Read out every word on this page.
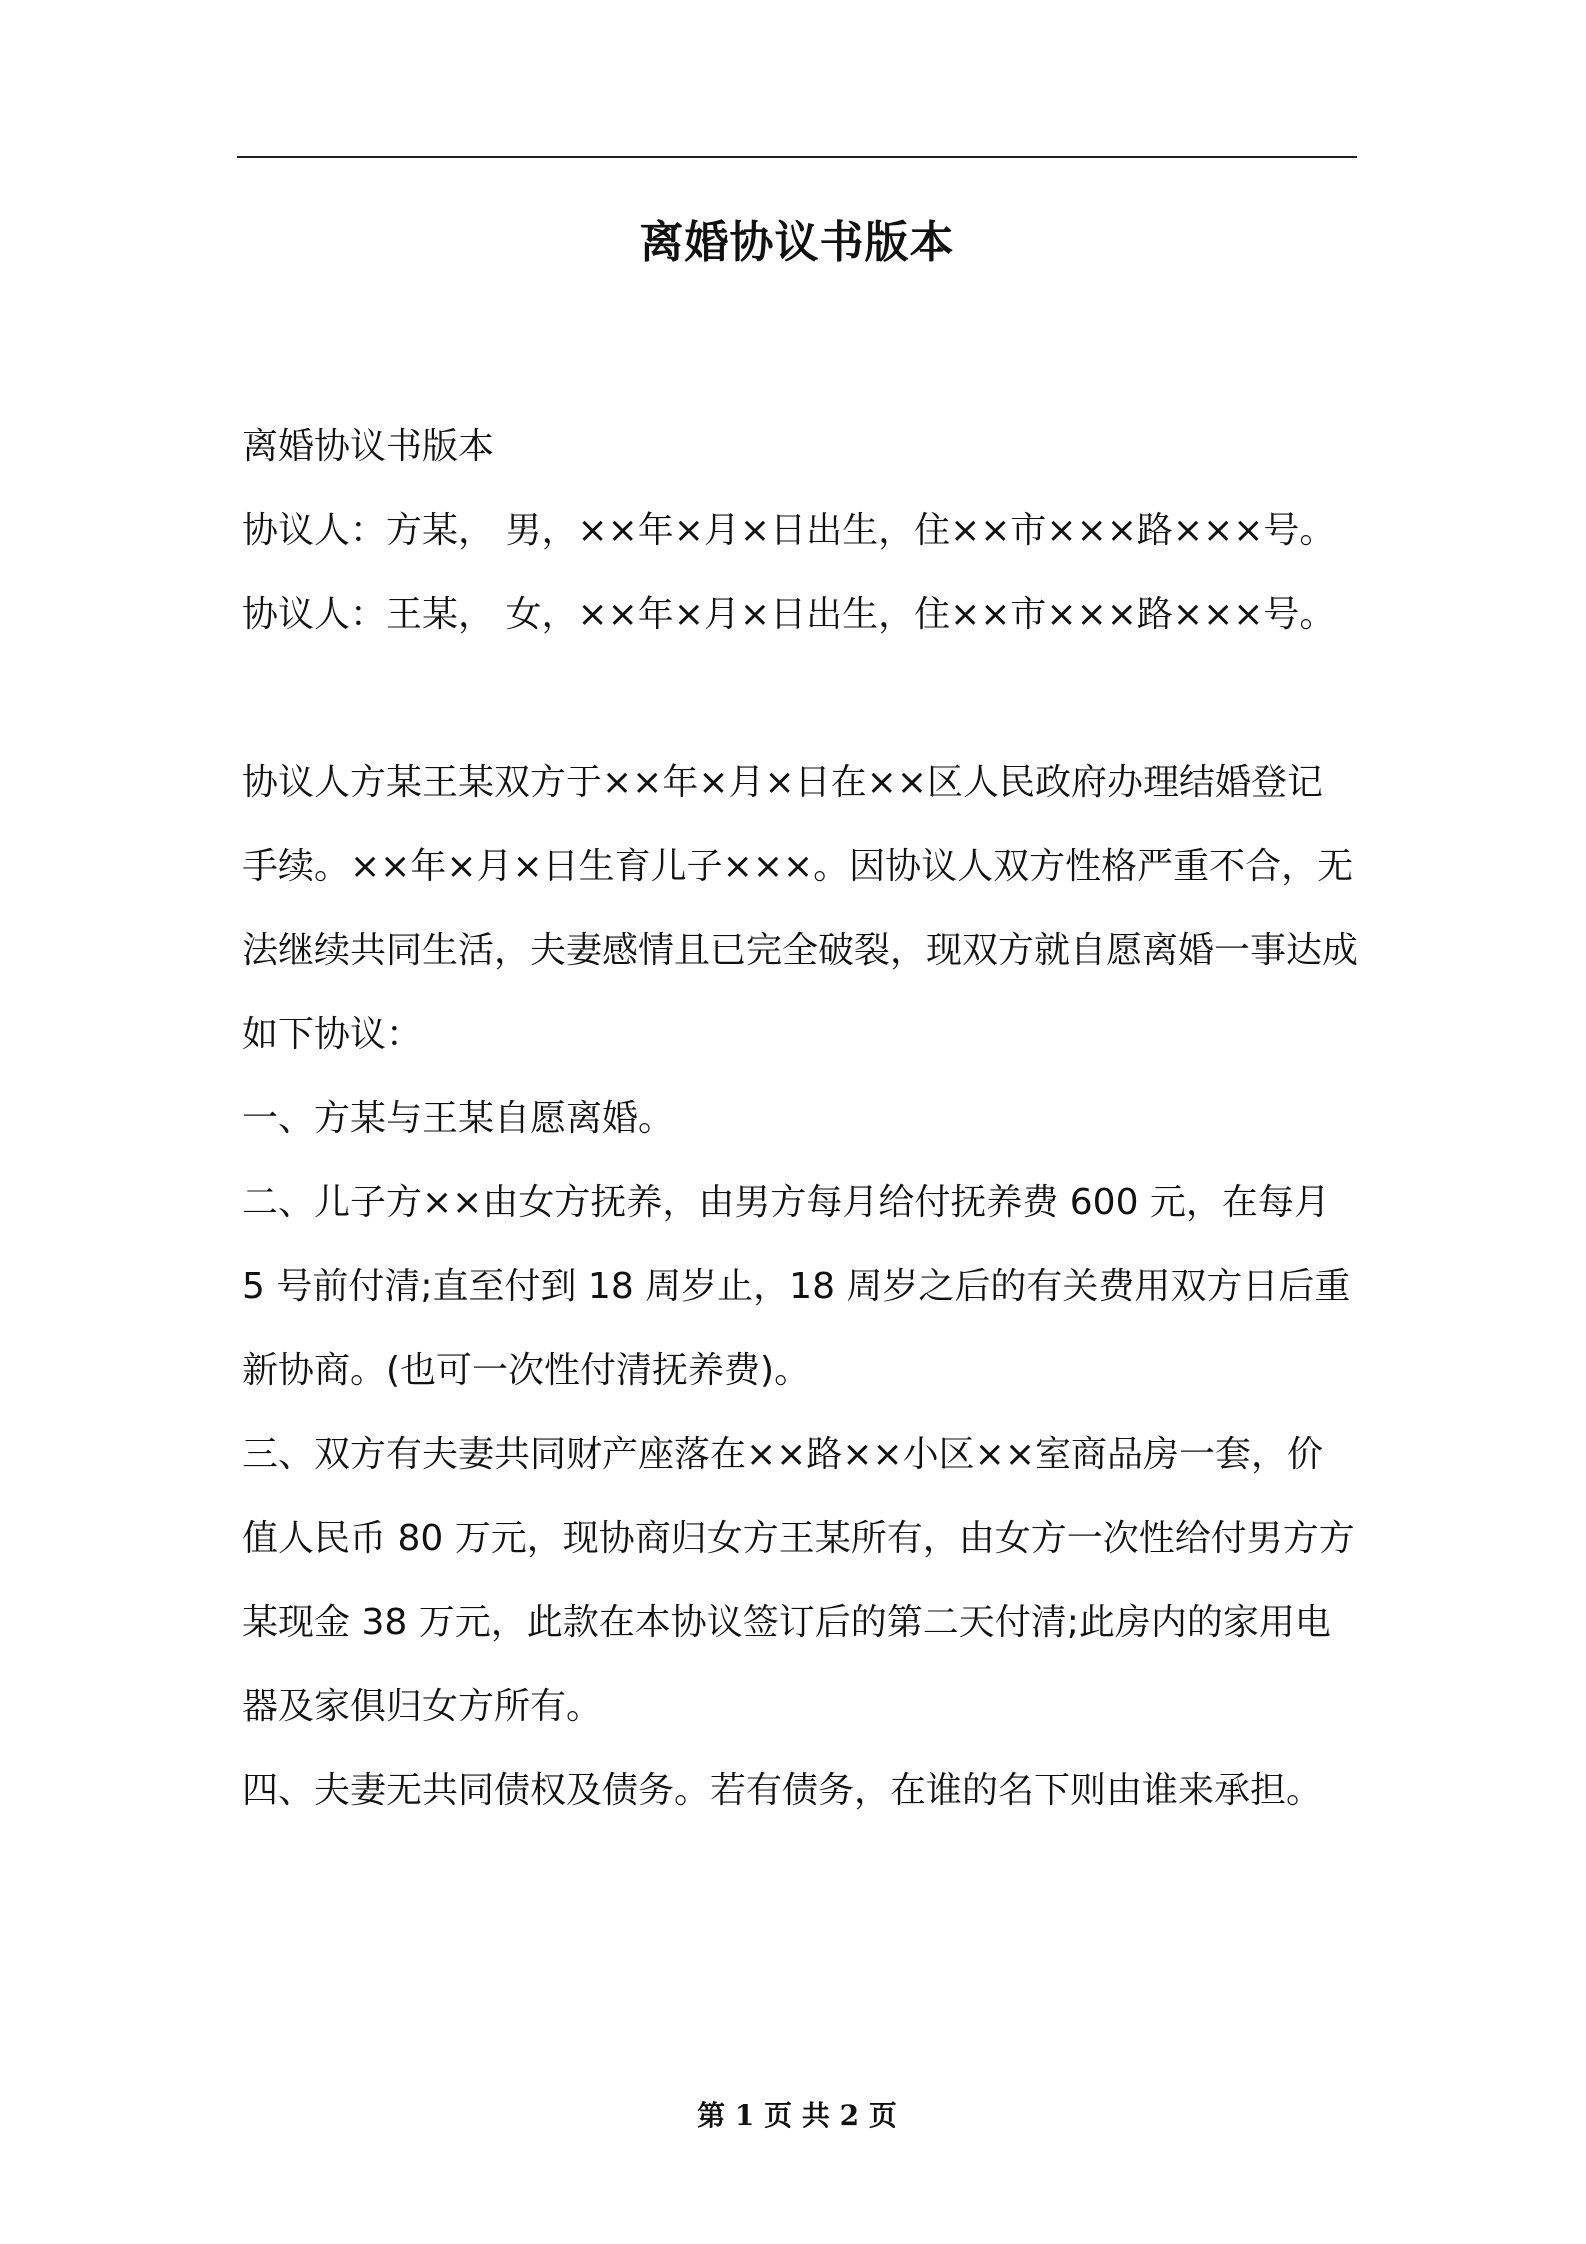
离婚协议书版本

离婚协议书版本

协议人：方某， 男，××年×月×日出生，住××市×××路×××号。

协议人：王某， 女，××年×月×日出生，住××市×××路×××号。

协议人方某王某双方于××年×月×日在××区人民政府办理结婚登记手续。××年×月×日生育儿子×××。因协议人双方性格严重不合，无法继续共同生活，夫妻感情且已完全破裂，现双方就自愿离婚一事达成如下协议：

一、方某与王某自愿离婚。

二、儿子方××由女方抚养，由男方每月给付抚养费 600 元，在每月 5 号前付清;直至付到 18 周岁止，18 周岁之后的有关费用双方日后重新协商。(也可一次性付清抚养费)。

三、双方有夫妻共同财产座落在××路××小区××室商品房一套，价值人民币 80 万元，现协商归女方王某所有，由女方一次性给付男方方某现金 38 万元，此款在本协议签订后的第二天付清;此房内的家用电器及家俱归女方所有。

四、夫妻无共同债权及债务。若有债务，在谁的名下则由谁来承担。

第 1 页 共 2 页
